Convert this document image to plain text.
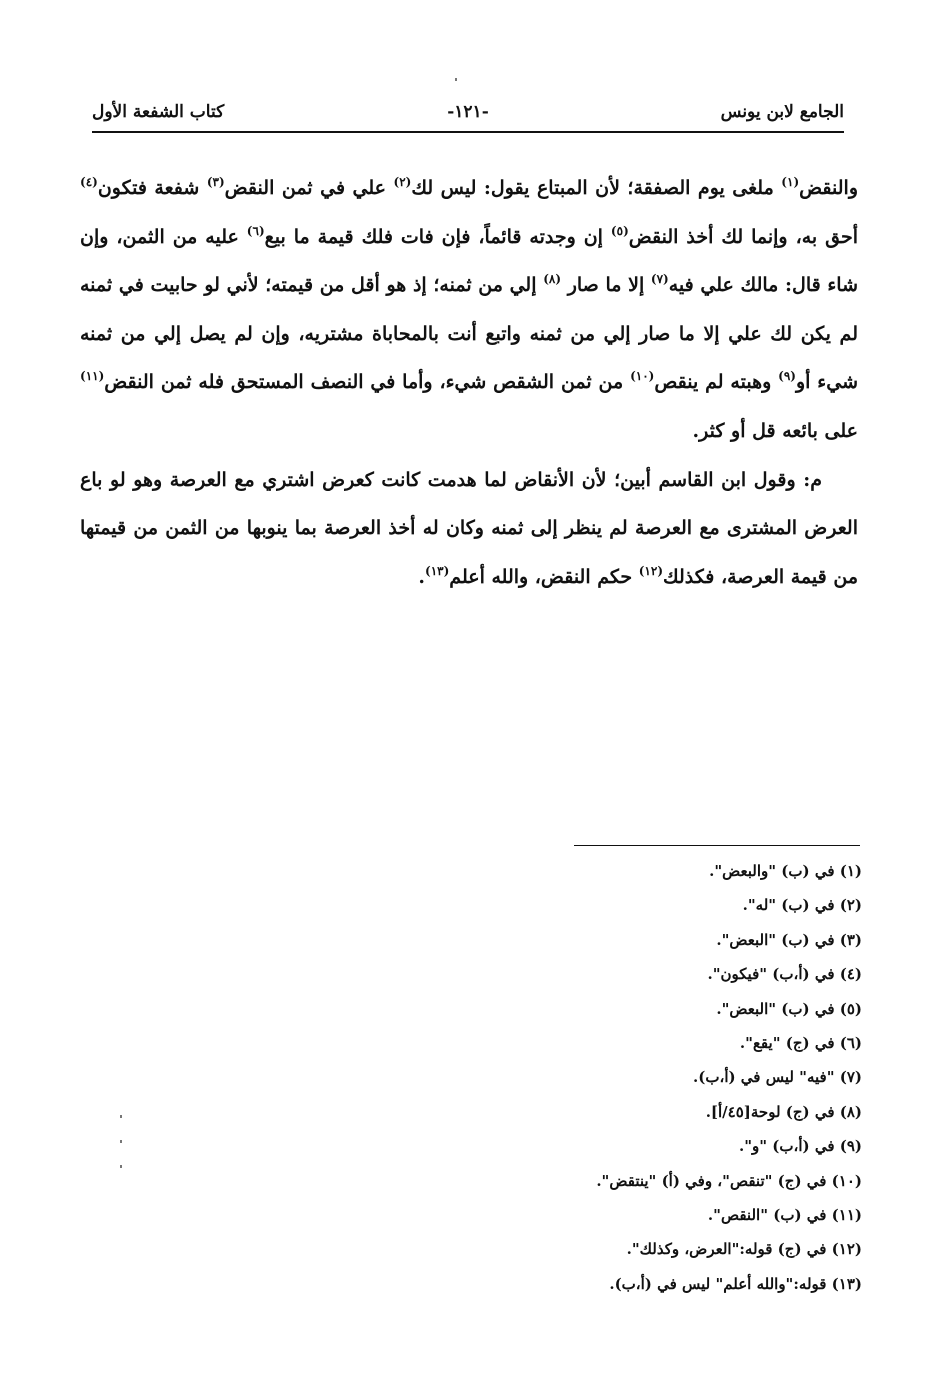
الجامع لابن يونس
-١٢١-
كتاب الشفعة الأول

والنقض$^{(١)}$ ملغى يوم الصفقة؛ لأن المبتاع يقول: ليس لك$^{(٢)}$ علي في ثمن النقض$^{(٣)}$ شفعة فتكون$^{(٤)}$ أحق به، وإنما لك أخذ النقض$^{(٥)}$ إن وجدته قائماً، فإن فات فلك قيمة ما بيع$^{(٦)}$ عليه من الثمن، وإن شاء قال: مالك علي فيه$^{(٧)}$ إلا ما صار $^{(٨)}$ إلي من ثمنه؛ إذ هو أقل من قيمته؛ لأني لو حابيت في ثمنه لم يكن لك علي إلا ما صار إلي من ثمنه واتبع أنت بالمحاباة مشتريه، وإن لم يصل إلي من ثمنه شيء أو$^{(٩)}$ وهبته لم ينقص$^{(١٠)}$ من ثمن الشقص شيء، وأما في النصف المستحق فله ثمن النقض$^{(١١)}$ على بائعه قل أو كثر.

م: وقول ابن القاسم أبين؛ لأن الأنقاض لما هدمت كانت كعرض اشتري مع العرصة وهو لو باع العرض المشترى مع العرصة لم ينظر إلى ثمنه وكان له أخذ العرصة بما ينوبها من الثمن من قيمتها من قيمة العرصة، فكذلك$^{(١٢)}$ حكم النقض، والله أعلم$^{(١٣)}$.

(١) في (ب) "والبعض".
(٢) في (ب) "له".
(٣) في (ب) "البعض".
(٤) في (أ،ب) "فيكون".
(٥) في (ب) "البعض".
(٦) في (ج) "يقع".
(٧) "فيه" ليس في (أ،ب).
(٨) في (ج) لوحة[٤٥/أ].
(٩) في (أ،ب) "و".
(١٠) في (ج) "تنقص"، وفي (أ) "ينتقض".
(١١) في (ب) "النقص".
(١٢) في (ج) قوله:"العرض، وكذلك".
(١٣) قوله:"والله أعلم" ليس في (أ،ب).
